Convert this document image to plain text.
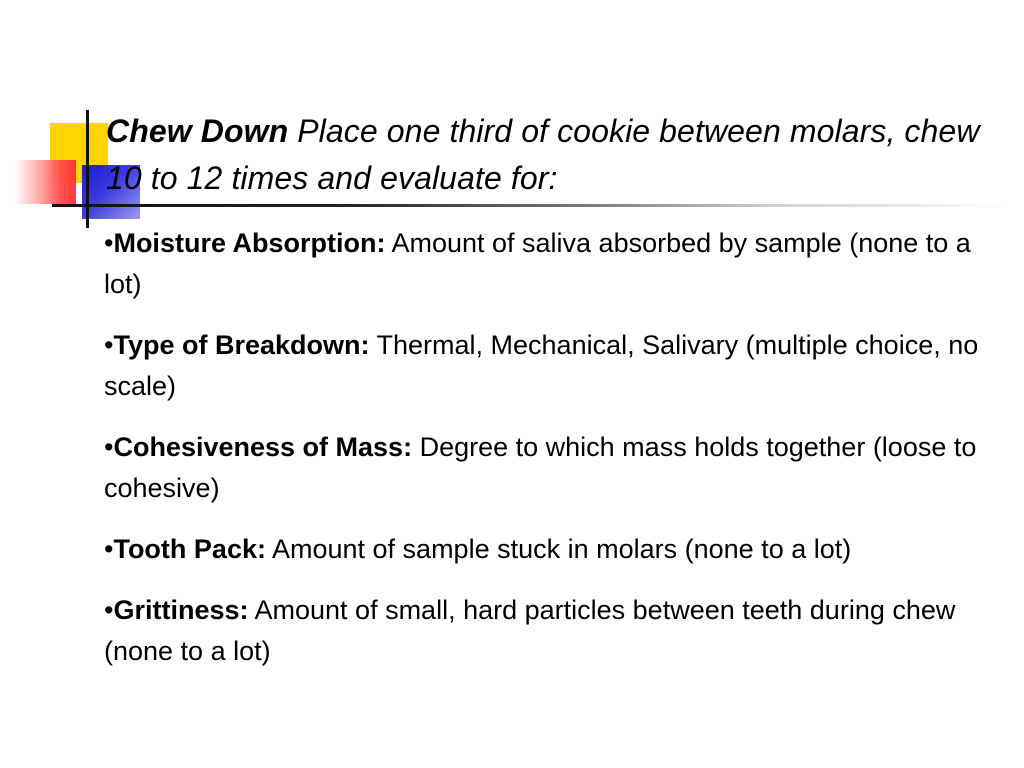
Chew Down Place one third of cookie between molars, chew 10 to 12 times and evaluate for:
•Moisture Absorption: Amount of saliva absorbed by sample (none to a lot)
•Type of Breakdown: Thermal, Mechanical, Salivary (multiple choice, no scale)
•Cohesiveness of Mass: Degree to which mass holds together (loose to cohesive)
•Tooth Pack: Amount of sample stuck in molars (none to a lot)
•Grittiness: Amount of small, hard particles between teeth during chew (none to a lot)
